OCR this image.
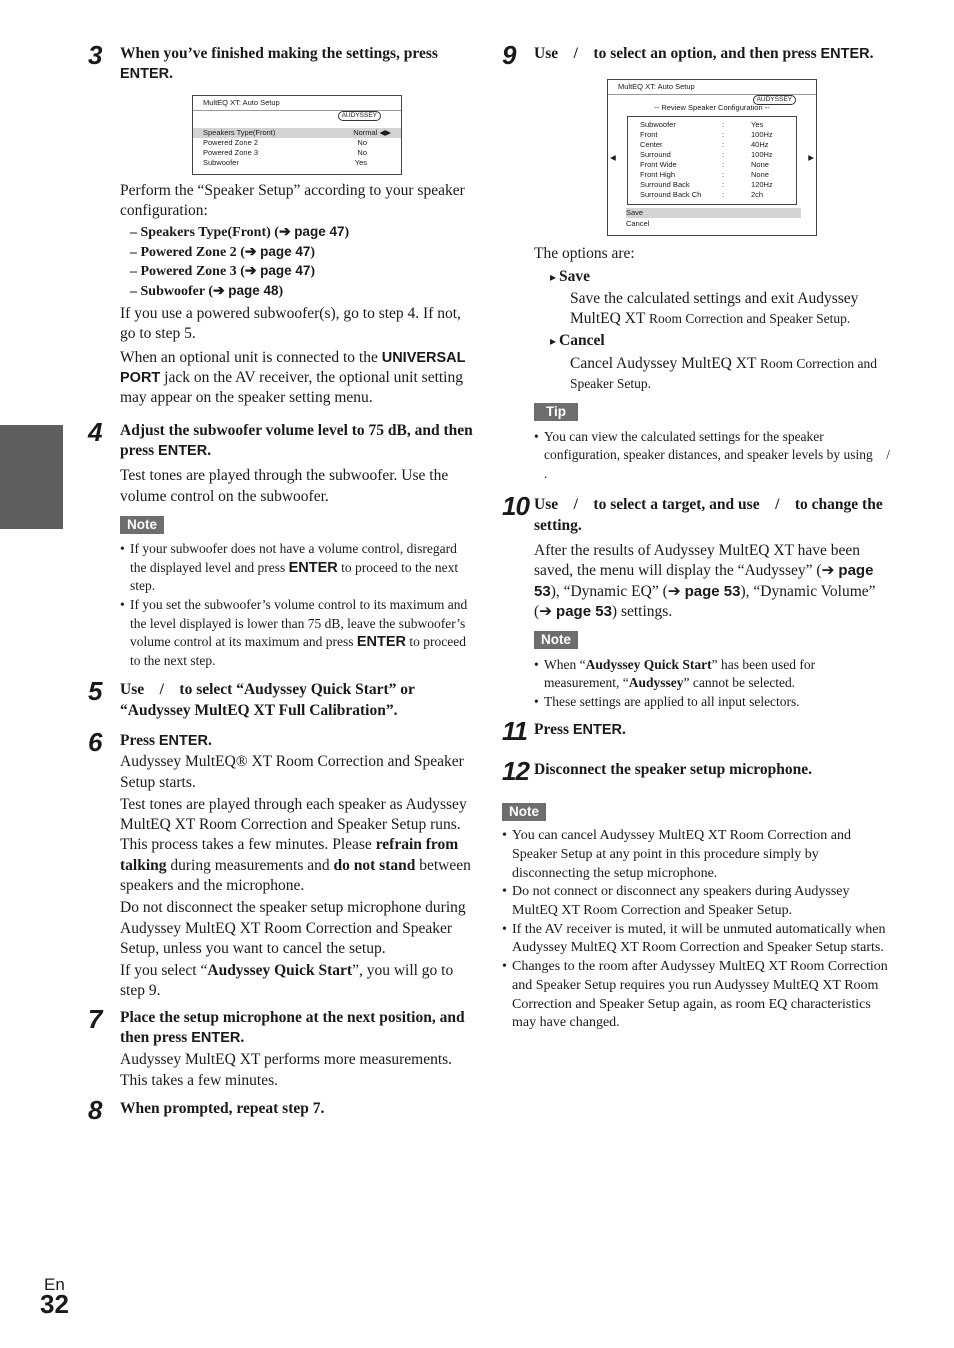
3 When you’ve finished making the settings, press ENTER.
MultEQ XT: Auto Setup
AUDYSSEY
Speakers Type(Front)	Normal ◀▶
Powered Zone 2	No
Powered Zone 3	No
Subwoofer	Yes

Perform the “Speaker Setup” according to your speaker configuration:

– Speakers Type(Front) (➔ page 47)
– Powered Zone 2 (➔ page 47)
– Powered Zone 3 (➔ page 47)
– Subwoofer (➔ page 48)

If you use a powered subwoofer(s), go to step 4. If not, go to step 5.

When an optional unit is connected to the UNIVERSAL PORT jack on the AV receiver, the optional unit setting may appear on the speaker setting menu.

4 Adjust the subwoofer volume level to 75 dB, and then press ENTER.

Test tones are played through the subwoofer. Use the volume control on the subwoofer.

Note
• If your subwoofer does not have a volume control, disregard the displayed level and press ENTER to proceed to the next step.
• If you set the subwoofer’s volume control to its maximum and the level displayed is lower than 75 dB, leave the subwoofer’s volume control at its maximum and press ENTER to proceed to the next step.
5 Use    /    to select “Audyssey Quick Start” or “Audyssey MultEQ XT Full Calibration”.
6 Press ENTER.

Audyssey MultEQ® XT Room Correction and Speaker Setup starts.

Test tones are played through each speaker as Audyssey MultEQ XT Room Correction and Speaker Setup runs. This process takes a few minutes. Please refrain from talking during measurements and do not stand between speakers and the microphone.

Do not disconnect the speaker setup microphone during Audyssey MultEQ XT Room Correction and Speaker Setup, unless you want to cancel the setup.

If you select “Audyssey Quick Start”, you will go to step 9.

7 Place the setup microphone at the next position, and then press ENTER.

Audyssey MultEQ XT performs more measurements. This takes a few minutes.

8 When prompted, repeat step 7.
9 Use    /    to select an option, and then press ENTER.
MultEQ XT: Auto Setup
AUDYSSEY
-- Review Speaker Configuration --
◀	▶
Subwoofer	:	Yes
Front	:	100Hz
Center	:	40Hz
Surround	:	100Hz
Front Wide	:	None
Front High	:	None
Surround Back	:	120Hz
Surround Back Ch	:	2ch
Save
Cancel

The options are:

▸ Save
Save the calculated settings and exit Audyssey MultEQ XT Room Correction and Speaker Setup.
▸ Cancel
Cancel Audyssey MultEQ XT Room Correction and Speaker Setup.
Tip
• You can view the calculated settings for the speaker configuration, speaker distances, and speaker levels by using    /    .
10 Use    /    to select a target, and use    /    to change the setting.

After the results of Audyssey MultEQ XT have been saved, the menu will display the “Audyssey” (➔ page 53), “Dynamic EQ” (➔ page 53), “Dynamic Volume” (➔ page 53) settings.

Note
• When “Audyssey Quick Start” has been used for measurement, “Audyssey” cannot be selected.
• These settings are applied to all input selectors.
11 Press ENTER.
12 Disconnect the speaker setup microphone.
Note
• You can cancel Audyssey MultEQ XT Room Correction and Speaker Setup at any point in this procedure simply by disconnecting the setup microphone.
• Do not connect or disconnect any speakers during Audyssey MultEQ XT Room Correction and Speaker Setup.
• If the AV receiver is muted, it will be unmuted automatically when Audyssey MultEQ XT Room Correction and Speaker Setup starts.
• Changes to the room after Audyssey MultEQ XT Room Correction and Speaker Setup requires you run Audyssey MultEQ XT Room Correction and Speaker Setup again, as room EQ characteristics may have changed.
En
32
